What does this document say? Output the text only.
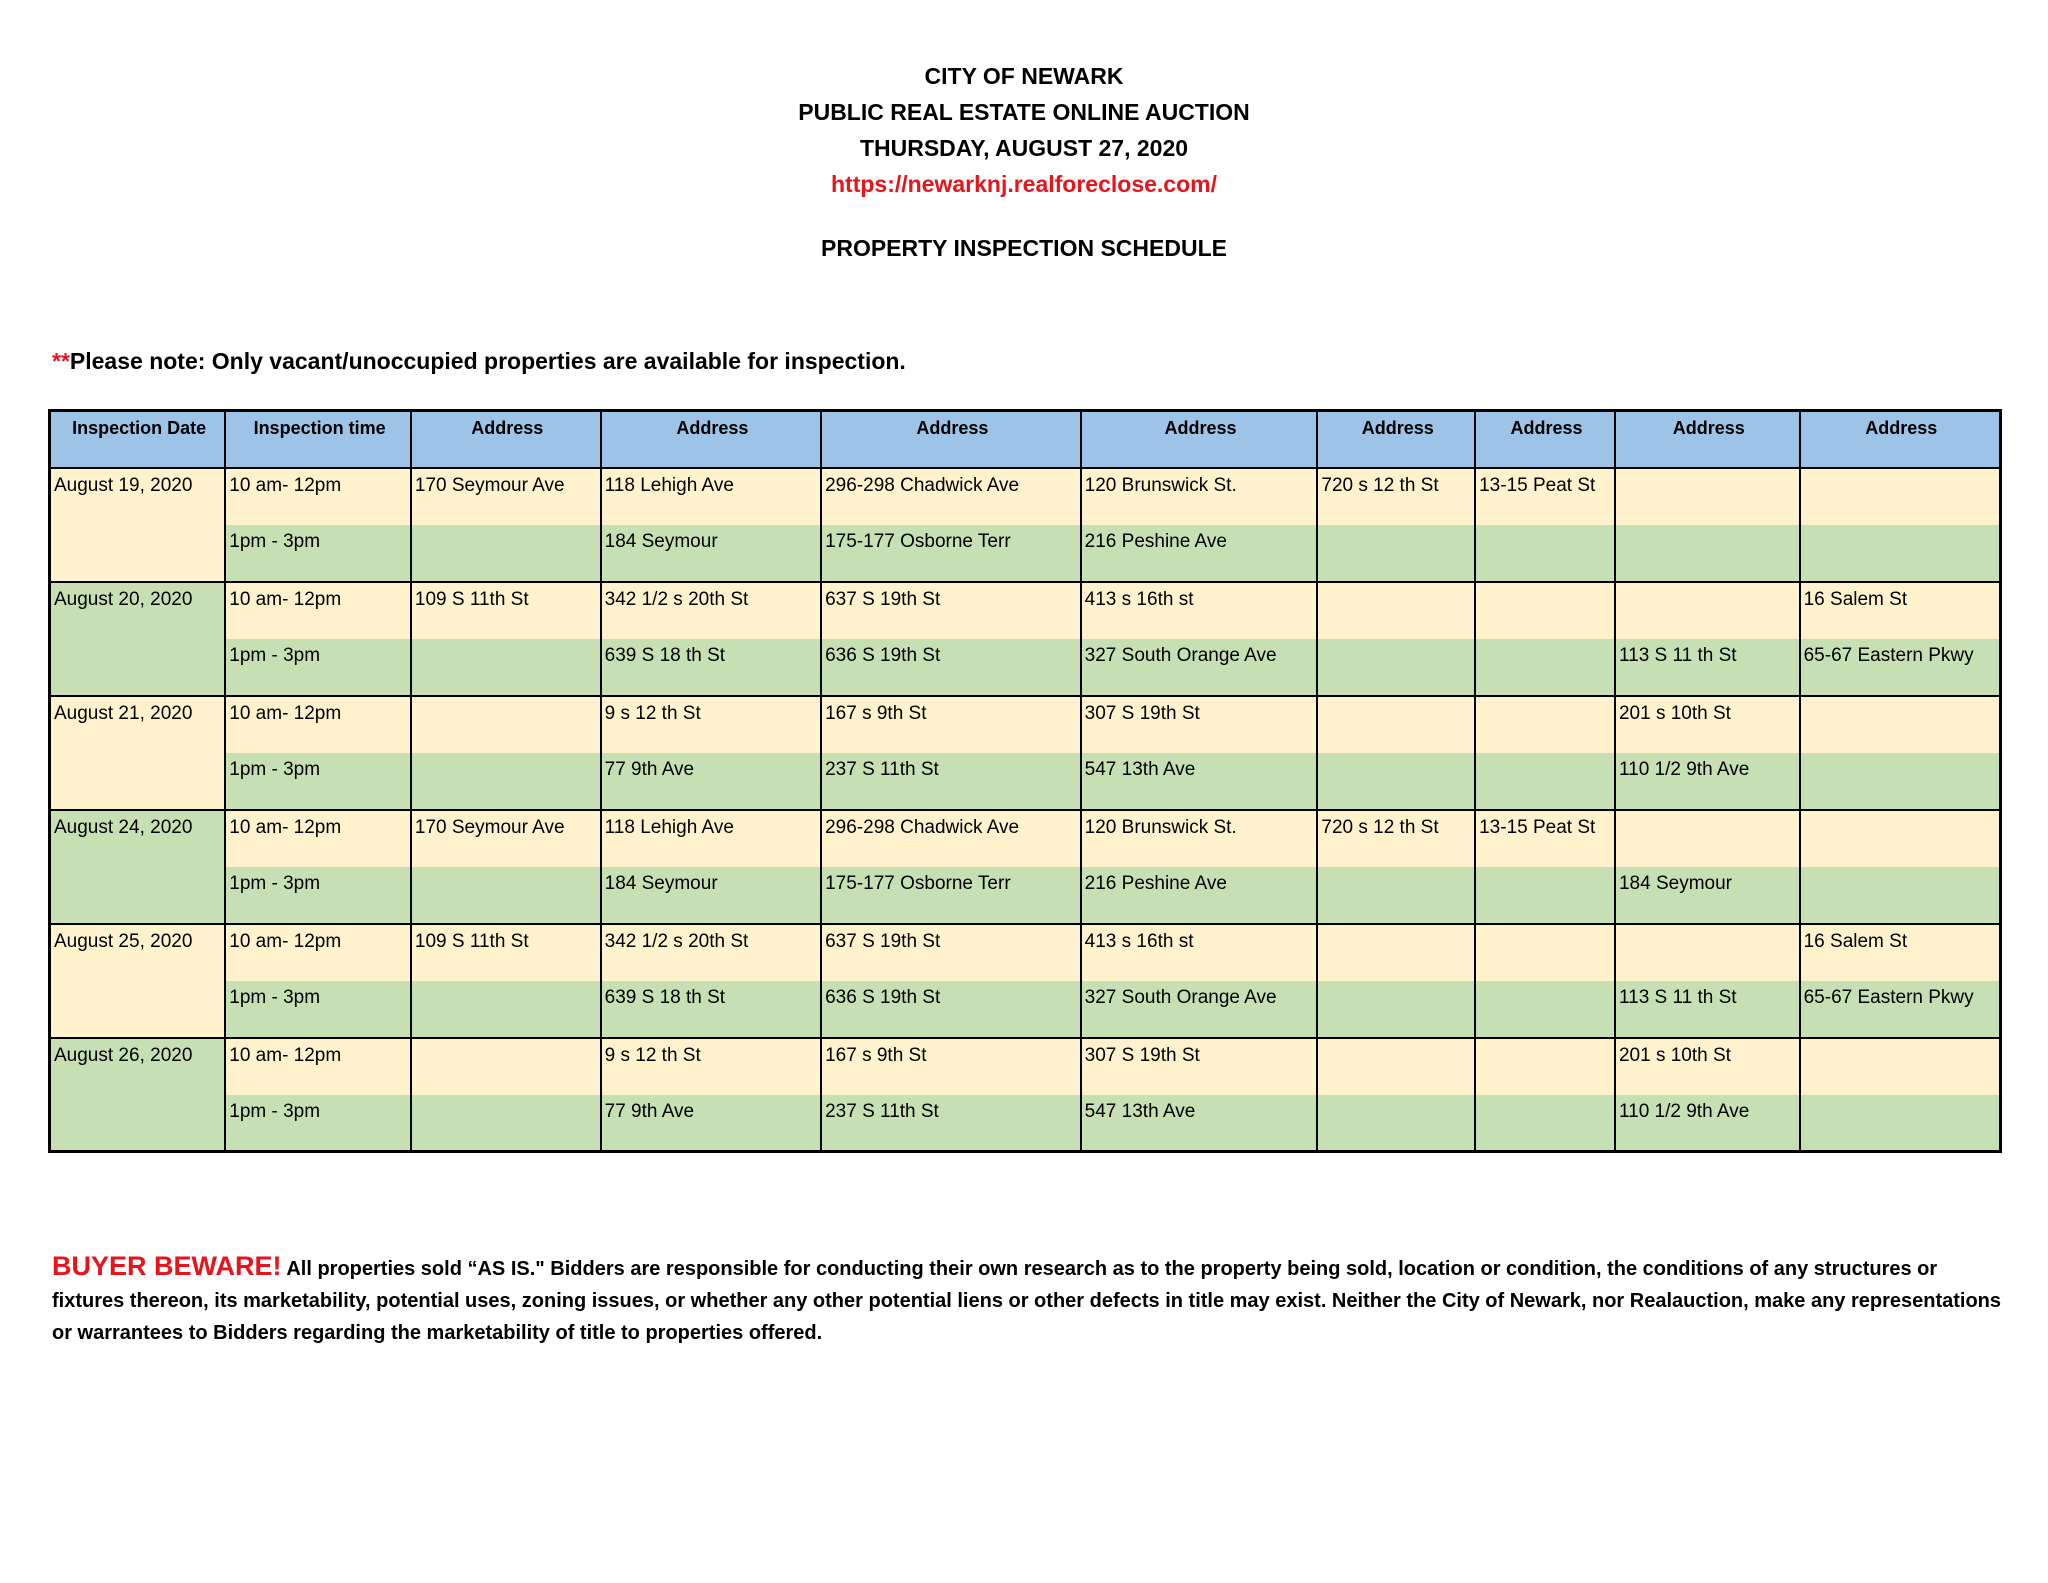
CITY OF NEWARK
PUBLIC REAL ESTATE ONLINE AUCTION
THURSDAY, AUGUST 27, 2020
https://newarknj.realforeclose.com/
PROPERTY INSPECTION SCHEDULE
**Please note: Only vacant/unoccupied properties are available for inspection.
Inspection Date	Inspection time	Address	Address	Address	Address	Address	Address	Address	Address
August 19, 2020	10 am- 12pm	170 Seymour Ave	118 Lehigh Ave	296-298 Chadwick Ave	120 Brunswick St.	720 s 12 th St	13-15 Peat St		
	1pm - 3pm		184 Seymour	175-177 Osborne Terr	216 Peshine Ave				
August 20, 2020	10 am- 12pm	109 S 11th St	342 1/2 s 20th St	637 S 19th St	413 s 16th st				16 Salem St
	1pm - 3pm		639 S 18 th St	636 S 19th St	327 South Orange Ave			113 S 11 th St	65-67 Eastern Pkwy
August 21, 2020	10 am- 12pm		9 s 12 th St	167 s 9th St	307 S 19th St			201 s 10th St	
	1pm - 3pm		77 9th Ave	237 S 11th St	547 13th Ave			110 1/2 9th Ave	
August 24, 2020	10 am- 12pm	170 Seymour Ave	118 Lehigh Ave	296-298 Chadwick Ave	120 Brunswick St.	720 s 12 th St	13-15 Peat St		
	1pm - 3pm		184 Seymour	175-177 Osborne Terr	216 Peshine Ave			184 Seymour	
August 25, 2020	10 am- 12pm	109 S 11th St	342 1/2 s 20th St	637 S 19th St	413 s 16th st				16 Salem St
	1pm - 3pm		639 S 18 th St	636 S 19th St	327 South Orange Ave			113 S 11 th St	65-67 Eastern Pkwy
August 26, 2020	10 am- 12pm		9 s 12 th St	167 s 9th St	307 S 19th St			201 s 10th St	
	1pm - 3pm		77 9th Ave	237 S 11th St	547 13th Ave			110 1/2 9th Ave	
BUYER BEWARE! All properties sold “AS IS." Bidders are responsible for conducting their own research as to the property being sold, location or condition, the conditions of any structures or fixtures thereon, its marketability, potential uses, zoning issues, or whether any other potential liens or other defects in title may exist. Neither the City of Newark, nor Realauction, make any representations or warrantees to Bidders regarding the marketability of title to properties offered.
